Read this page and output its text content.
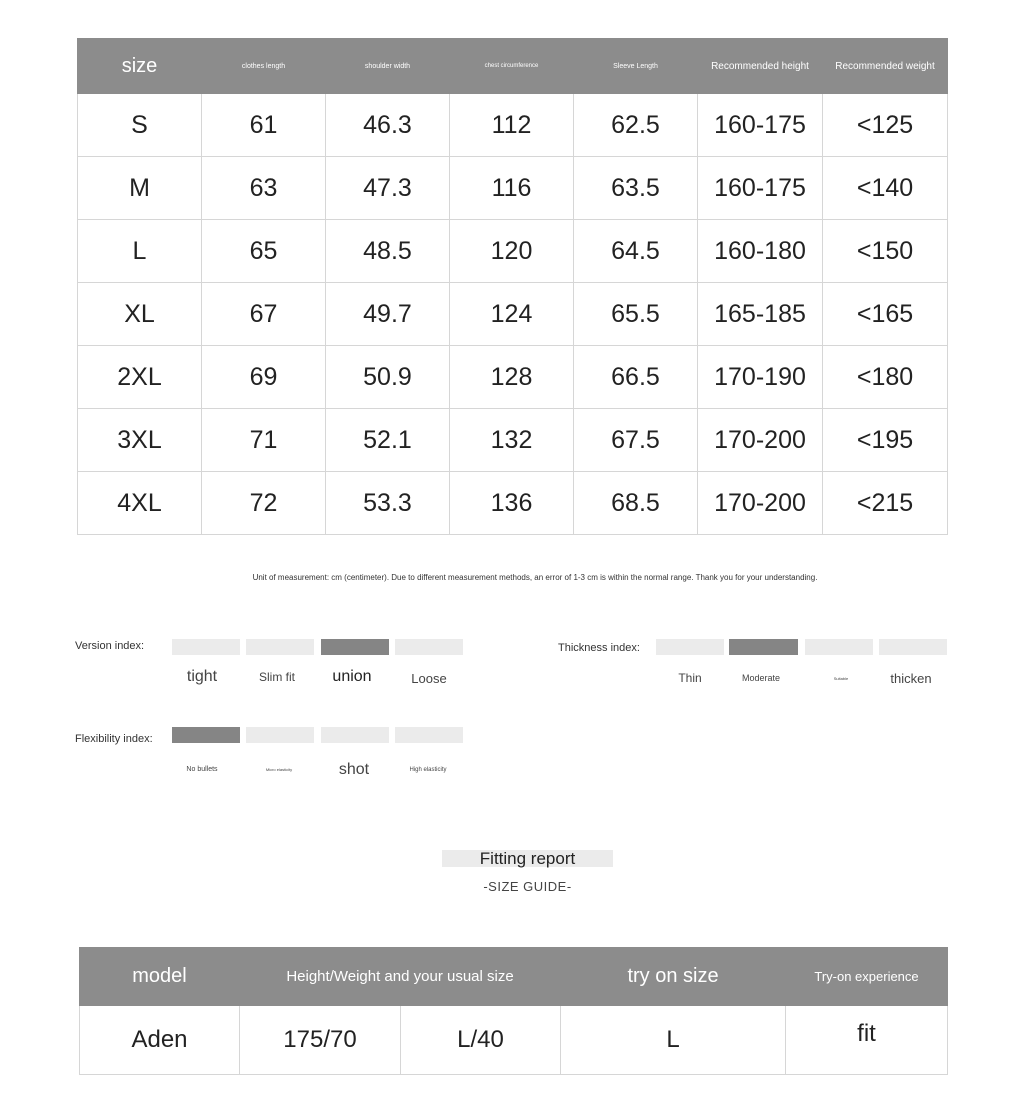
size	clothes length	shoulder width	chest circumference	Sleeve Length	Recommended height	Recommended weight
S	61	46.3	112	62.5	160-175	<125
M	63	47.3	116	63.5	160-175	<140
L	65	48.5	120	64.5	160-180	<150
XL	67	49.7	124	65.5	165-185	<165
2XL	69	50.9	128	66.5	170-190	<180
3XL	71	52.1	132	67.5	170-200	<195
4XL	72	53.3	136	68.5	170-200	<215
Unit of measurement: cm (centimeter). Due to different measurement methods, an error of 1-3 cm is within the normal range. Thank you for your understanding.
Version index:
tight	Slim fit	union	Loose
Thickness index:
Thin	Moderate	Suitable	thicken
Flexibility index:
No bullets	Micro elasticity	shot	High elasticity
Fitting report
-SIZE GUIDE-
model	Height/Weight and your usual size		try on size	Try-on experience
Aden	175/70	L/40	L	fit
